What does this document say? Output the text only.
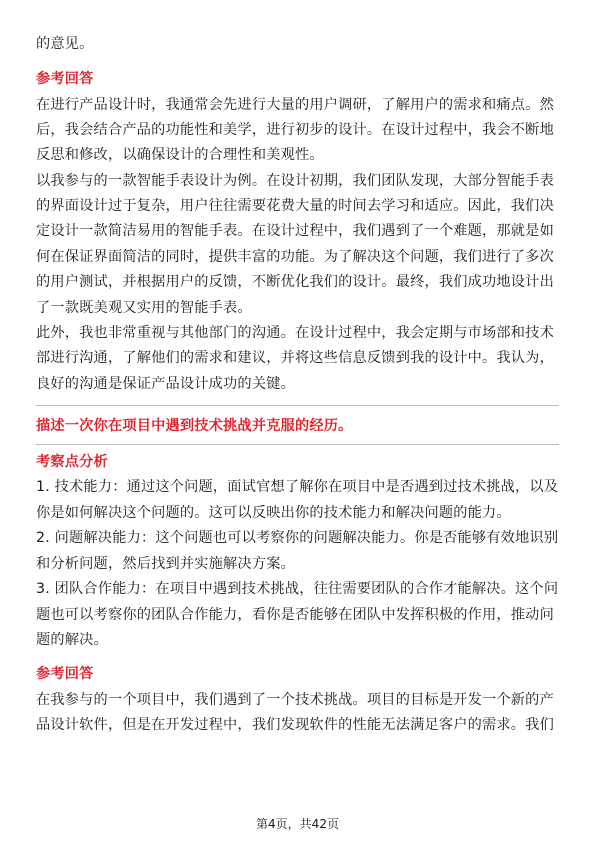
的意见。
参考回答
在进行产品设计时，我通常会先进行大量的用户调研，了解用户的需求和痛点。然
后，我会结合产品的功能性和美学，进行初步的设计。在设计过程中，我会不断地
反思和修改，以确保设计的合理性和美观性。
以我参与的一款智能手表设计为例。在设计初期，我们团队发现，大部分智能手表
的界面设计过于复杂，用户往往需要花费大量的时间去学习和适应。因此，我们决
定设计一款简洁易用的智能手表。在设计过程中，我们遇到了一个难题，那就是如
何在保证界面简洁的同时，提供丰富的功能。为了解决这个问题，我们进行了多次
的用户测试，并根据用户的反馈，不断优化我们的设计。最终，我们成功地设计出
了一款既美观又实用的智能手表。
此外，我也非常重视与其他部门的沟通。在设计过程中，我会定期与市场部和技术
部进行沟通，了解他们的需求和建议，并将这些信息反馈到我的设计中。我认为，
良好的沟通是保证产品设计成功的关键。
描述一次你在项目中遇到技术挑战并克服的经历。
考察点分析
1. 技术能力：通过这个问题，面试官想了解你在项目中是否遇到过技术挑战，以及
你是如何解决这个问题的。这可以反映出你的技术能力和解决问题的能力。
2. 问题解决能力：这个问题也可以考察你的问题解决能力。你是否能够有效地识别
和分析问题，然后找到并实施解决方案。
3. 团队合作能力：在项目中遇到技术挑战，往往需要团队的合作才能解决。这个问
题也可以考察你的团队合作能力，看你是否能够在团队中发挥积极的作用，推动问
题的解决。
参考回答
在我参与的一个项目中，我们遇到了一个技术挑战。项目的目标是开发一个新的产
品设计软件，但是在开发过程中，我们发现软件的性能无法满足客户的需求。我们
第4页，共42页
